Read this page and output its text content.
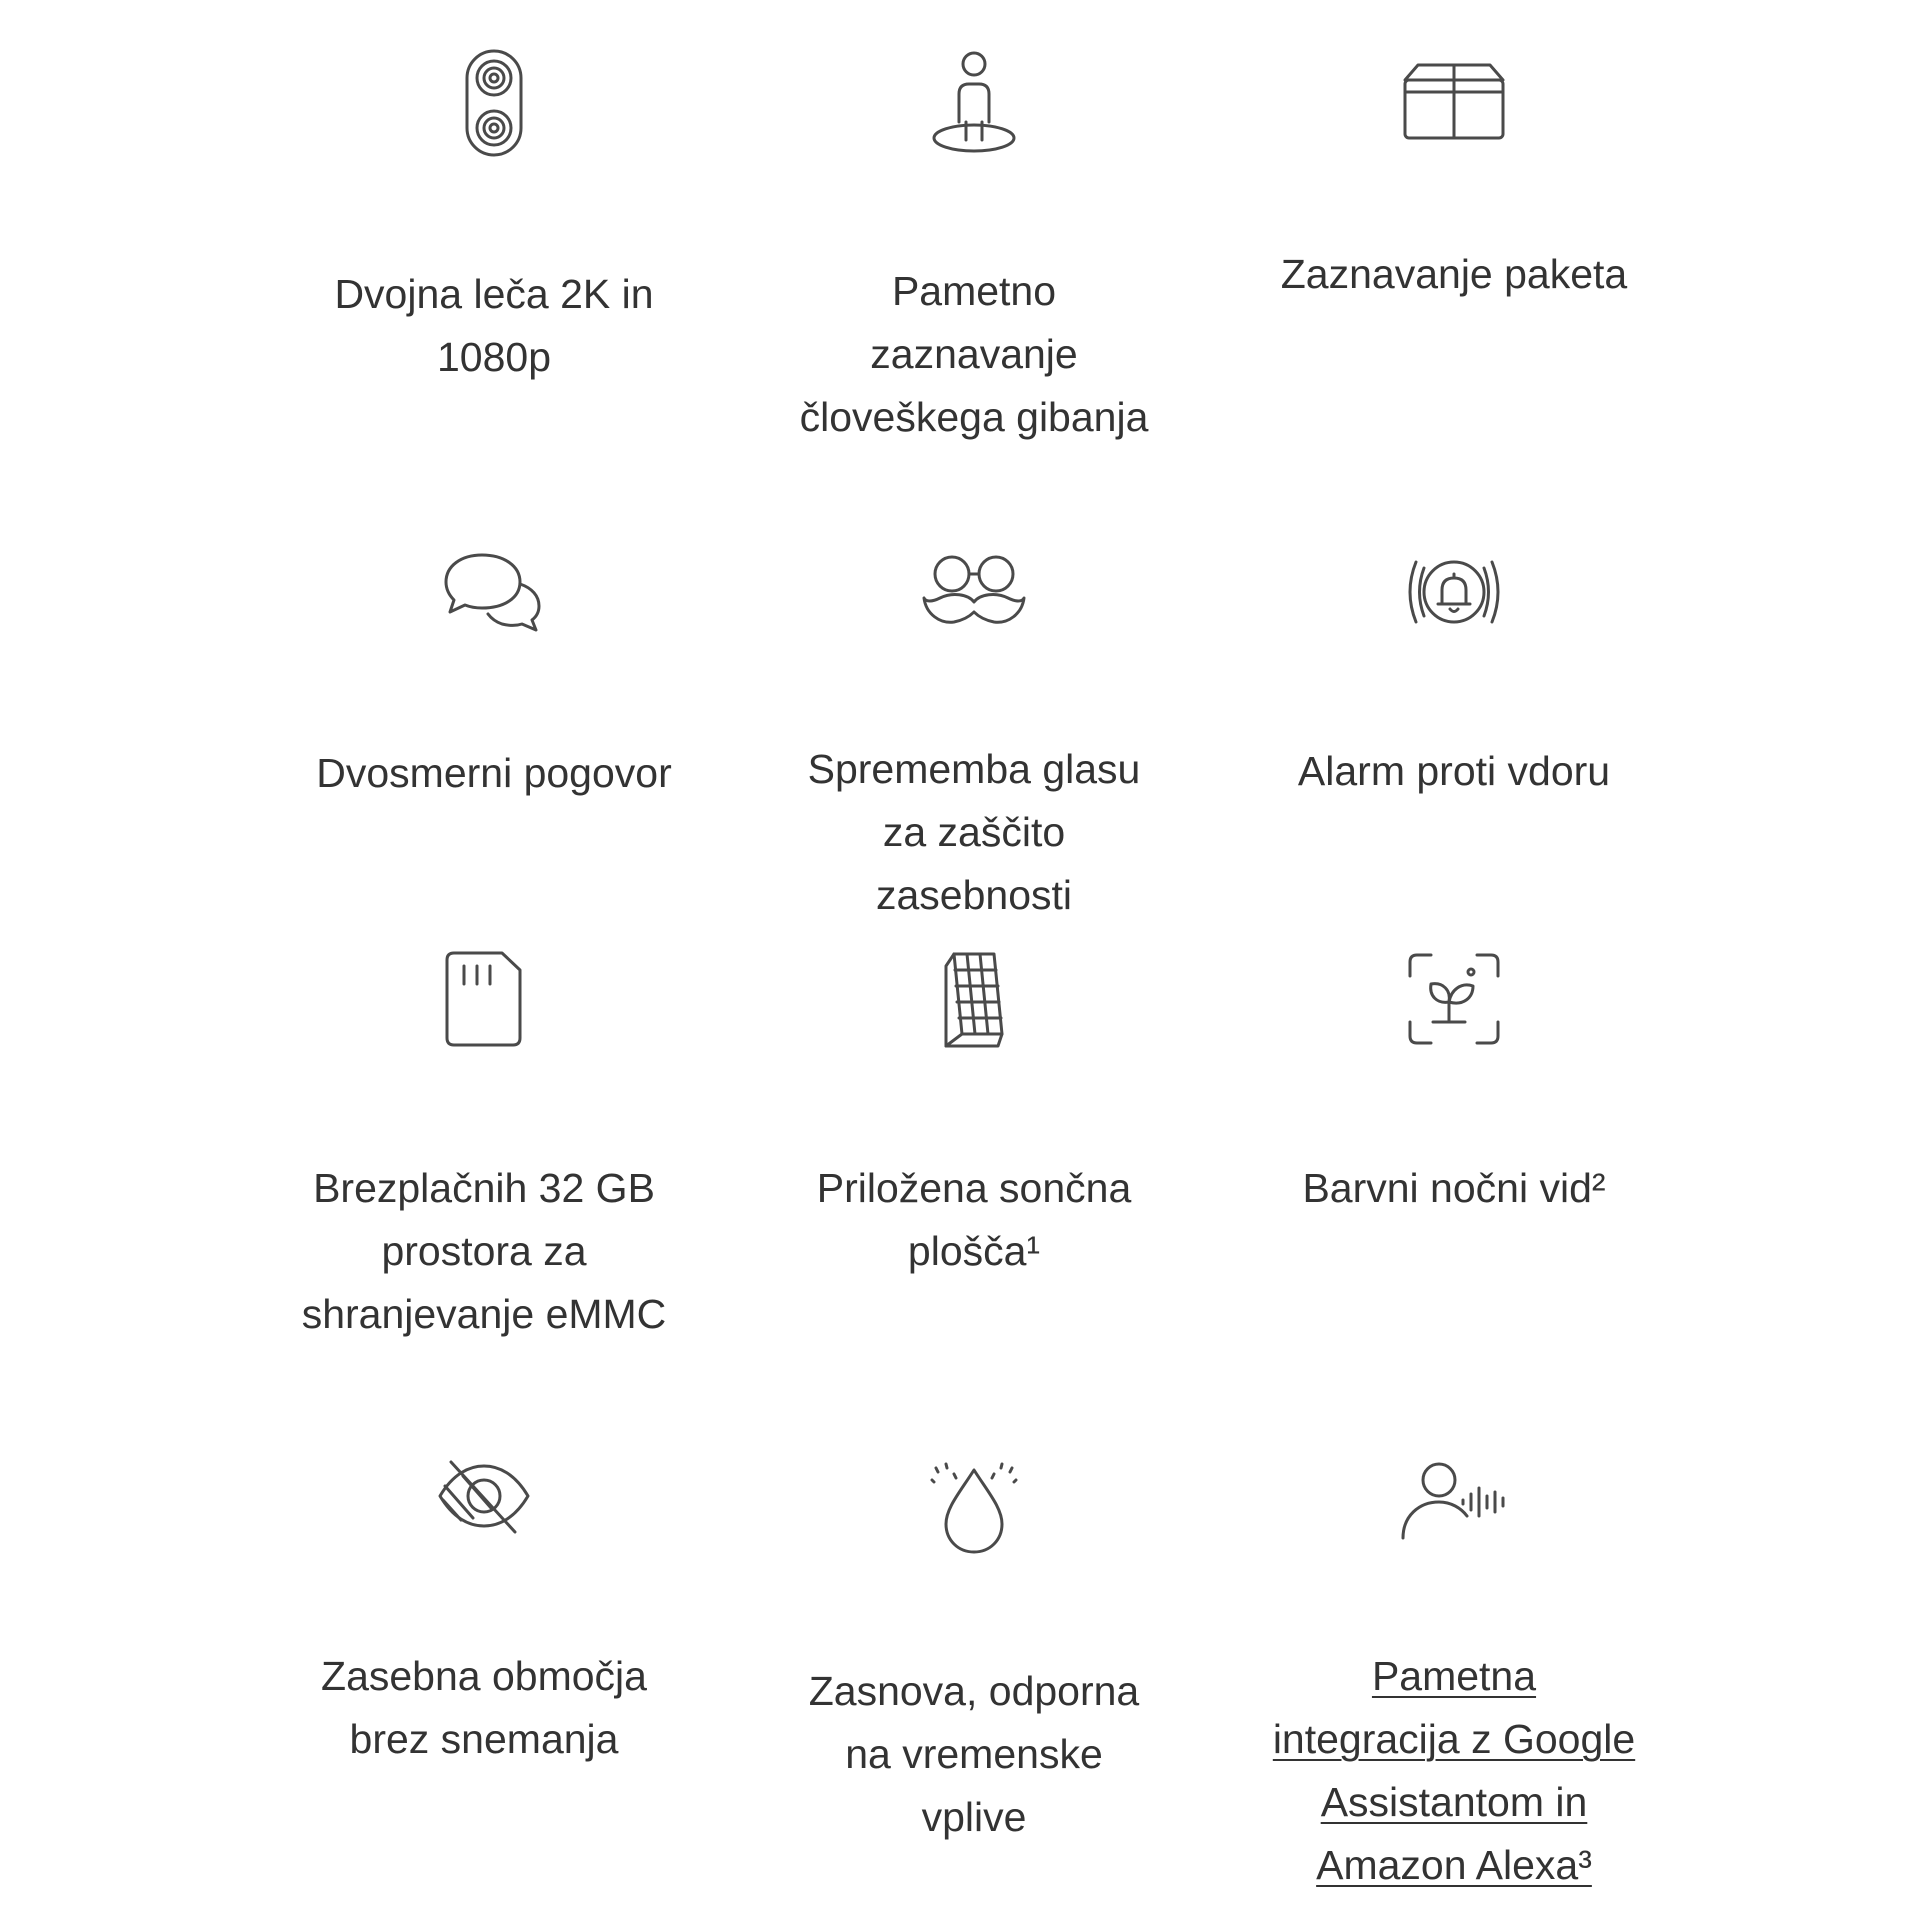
Dvojna leča 2K in
1080p
Pametno
zaznavanje
človeškega gibanja
Zaznavanje paketa
Dvosmerni pogovor	Sprememba glasu
za zaščito
zasebnosti
Alarm proti vdoru
Brezplačnih 32 GB
prostora za
shranjevanje eMMC
Priložena sončna
plošča¹
Barvni nočni vid²
Zasebna območja
brez snemanja
Zasnova, odporna
na vremenske
vplive
Pametna
integracija z Google
Assistantom in
Amazon Alexa³
